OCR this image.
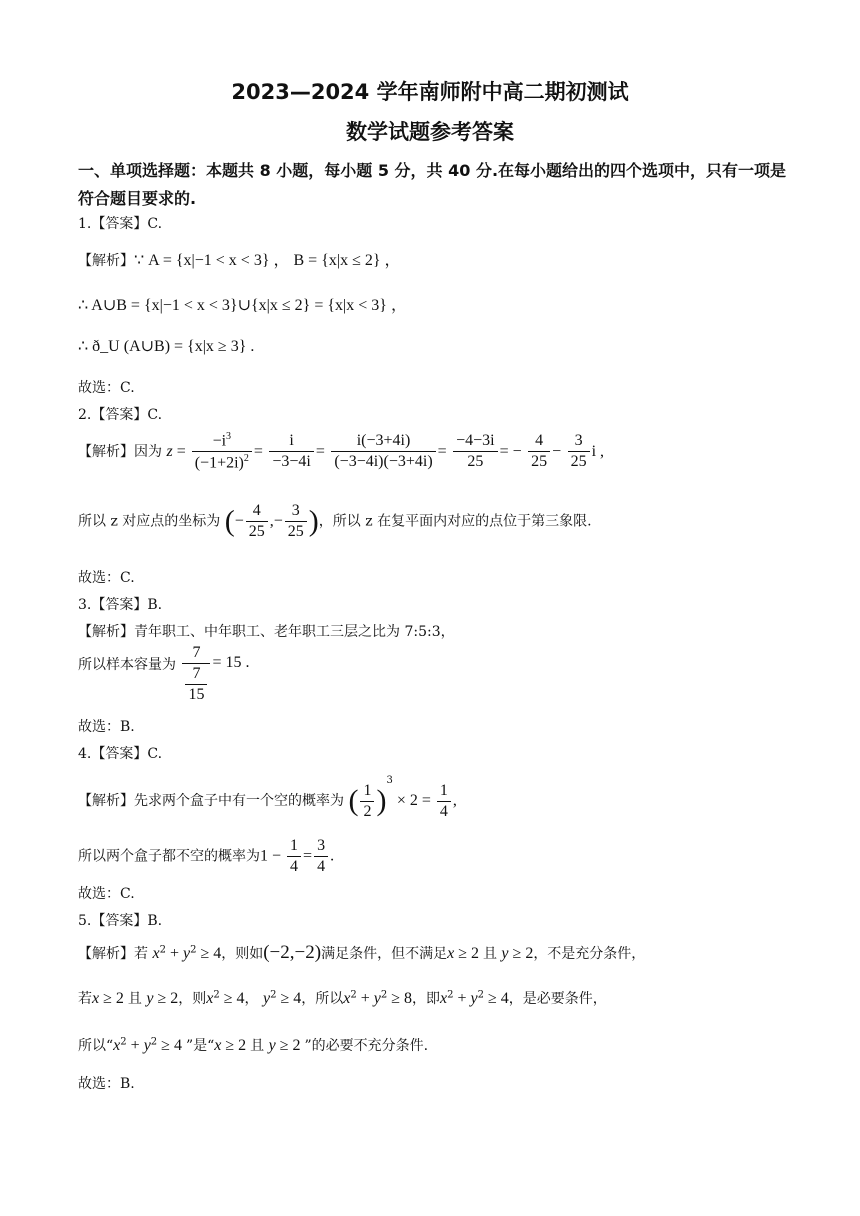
2023—2024 学年南师附中高二期初测试
数学试题参考答案
一、单项选择题：本题共 8 小题，每小题 5 分，共 40 分.在每小题给出的四个选项中，只有一项是符合题目要求的.
1.【答案】C.
【解析】∵ A = {x|−1 < x < 3} ， B = {x|x ≤ 2} ，
∴ A∪B = {x|−1 < x < 3}∪{x|x ≤ 2} = {x|x < 3} ，
∴ ð_U (A∪B) = {x|x ≥ 3} .
故选：C.
2.【答案】C.
【解析】因为 $z = \frac{-i^3}{(-1+2i)^2} = \frac{i}{-3-4i} = \frac{i(-3+4i)}{(-3-4i)(-3+4i)} = \frac{-4-3i}{25}$ = − $\frac{4}{25} - \frac{3}{25}$ i ,
所以 z 对应点的坐标为 (− $\frac{4}{25}$ ,− $\frac{3}{25}$ )，所以 z 在复平面内对应的点位于第三象限.
故选：C.
3.【答案】B.
【解析】青年职工、中年职工、老年职工三层之比为 7:5:3，
所以样本容量为 $\frac{7}{\frac{7}{15}} = 15$ .
故选：B.
4.【答案】C.
【解析】先求两个盒子中有一个空的概率为 ( $\frac{1}{2} )^3 \times 2 = \frac{1}{4}$ ,
所以两个盒子都不空的概率为$1 - \frac{1}{4} = \frac{3}{4}$ .
故选：C.
5.【答案】B.
【解析】若 $x^2 + y^2 \ge 4$，则如(−2,−2)满足条件，但不满足x ≥ 2 且 y ≥ 2，不是充分条件，
若x ≥ 2 且 y ≥ 2，则$x^2 \ge 4$， $y^2 \ge 4$，所以$x^2 + y^2 \ge 8$，即$x^2 + y^2 \ge 4$，是必要条件，
所以“$x^2 + y^2 \ge 4$ ”是“x ≥ 2 且 y ≥ 2 ”的必要不充分条件.
故选：B.
